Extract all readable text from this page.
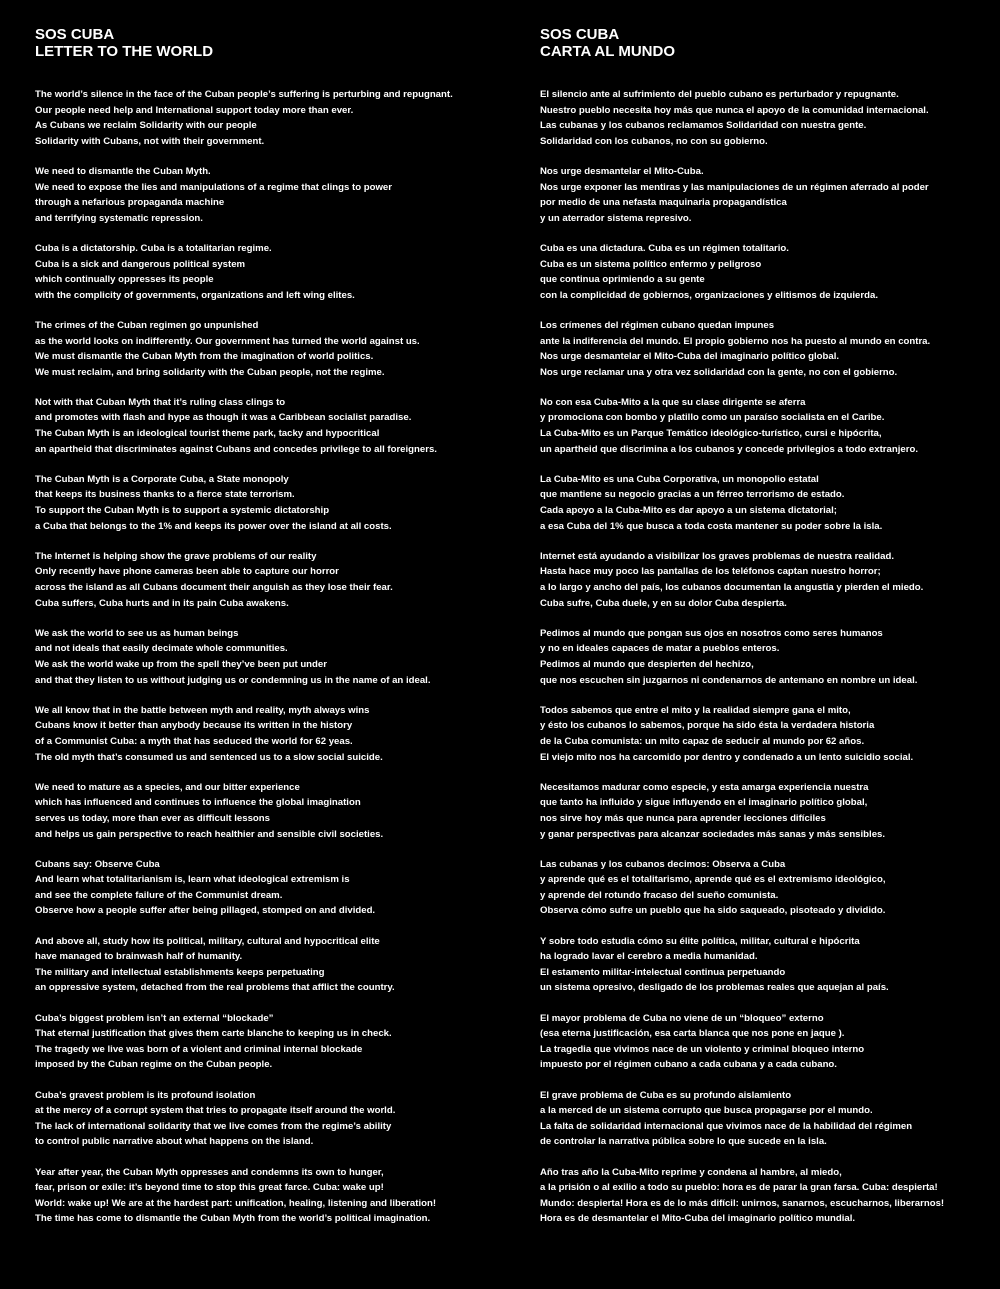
SOS CUBA
LETTER TO THE WORLD
The world’s silence in the face of the Cuban people’s suffering is perturbing and repugnant.
Our people need help and International support today more than ever.
As Cubans we reclaim Solidarity with our people
Solidarity with Cubans, not with their government.
We need to dismantle the Cuban Myth.
We need to expose the lies and manipulations of a regime that clings to power
through a nefarious propaganda machine
and terrifying systematic repression.
Cuba is a dictatorship. Cuba is a totalitarian regime.
Cuba is a sick and dangerous political system
which continually oppresses its people
with the complicity of governments, organizations and left wing elites.
The crimes of the Cuban regimen go unpunished
as the world looks on indifferently. Our government has turned the world against us.
We must dismantle the Cuban Myth from the imagination of world politics.
We must reclaim, and bring solidarity with the Cuban people, not the regime.
Not with that Cuban Myth that it’s ruling class clings to
and promotes with flash and hype as though it was a Caribbean socialist paradise.
The Cuban Myth is an ideological tourist theme park, tacky and hypocritical
an apartheid that discriminates against Cubans and concedes privilege to all foreigners.
The Cuban Myth is a Corporate Cuba, a State monopoly
that keeps its business thanks to a fierce state terrorism.
To support the Cuban Myth is to support a systemic dictatorship
a Cuba that belongs to the 1% and keeps its power over the island at all costs.
The Internet is helping show the grave problems of our reality
Only recently have phone cameras been able to capture our horror
across the island as all Cubans document their anguish as they lose their fear.
Cuba suffers, Cuba hurts and in its pain Cuba awakens.
We ask the world to see us as human beings
and not ideals that easily decimate whole communities.
We ask the world wake up from the spell they’ve been put under
and that they listen to us without judging us or condemning us in the name of an ideal.
We all know that in the battle between myth and reality, myth always wins
Cubans know it better than anybody because its written in the history
of a Communist Cuba: a myth that has seduced the world for 62 yeas.
The old myth that’s consumed us and sentenced us to a slow social suicide.
We need to mature as a species, and our bitter experience
which has influenced and continues to influence the global imagination
serves us today, more than ever as difficult lessons
and helps us gain perspective to reach healthier and sensible civil societies.
Cubans say: Observe Cuba
And learn what totalitarianism is, learn what ideological extremism is
and see the complete failure of the Communist dream.
Observe how a people suffer after being pillaged, stomped on and divided.
And above all, study how its political, military, cultural and hypocritical elite
have managed to brainwash half of humanity.
The military and intellectual establishments keeps perpetuating
an oppressive system, detached from the real problems that afflict the country.
Cuba’s biggest problem isn’t an external “blockade”
That eternal justification that gives them carte blanche to keeping us in check.
The tragedy we live was born of a violent and criminal internal blockade
imposed by the Cuban regime on the Cuban people.
Cuba’s gravest problem is its profound isolation
at the mercy of a corrupt system that tries to propagate itself around the world.
The lack of international solidarity that we live comes from the regime’s ability
to control public narrative about what happens on the island.
Year after year, the Cuban Myth oppresses and condemns its own to hunger,
fear, prison or exile: it’s beyond time to stop this great farce. Cuba: wake up!
World: wake up! We are at the hardest part: unification, healing, listening and liberation!
The time has come to dismantle the Cuban Myth from the world’s political imagination.
SOS CUBA
CARTA AL MUNDO
El silencio ante al sufrimiento del pueblo cubano es perturbador y repugnante.
Nuestro pueblo necesita hoy más que nunca el apoyo de la comunidad internacional.
Las cubanas y los cubanos reclamamos Solidaridad con nuestra gente.
Solidaridad con los cubanos, no con su gobierno.
Nos urge desmantelar el Mito-Cuba.
Nos urge exponer las mentiras y las manipulaciones de un régimen aferrado al poder
por medio de una nefasta maquinaria propagandística
y un aterrador sistema represivo.
Cuba es una dictadura. Cuba es un régimen totalitario.
Cuba es un sistema político enfermo y peligroso
que continua oprimiendo a su gente
con la complicidad de gobiernos, organizaciones y elitismos de izquierda.
Los crímenes del régimen cubano quedan impunes
ante la indiferencia del mundo. El propio gobierno nos ha puesto al mundo en contra.
Nos urge desmantelar el Mito-Cuba del imaginario político global.
Nos urge reclamar una y otra vez solidaridad con la gente, no con el gobierno.
No con esa Cuba-Mito a la que su clase dirigente se aferra
y promociona con bombo y platillo como un paraíso socialista en el Caribe.
La Cuba-Mito es un Parque Temático ideológico-turístico, cursi e hipócrita,
un apartheid que discrimina a los cubanos y concede privilegios a todo extranjero.
La Cuba-Mito es una Cuba Corporativa, un monopolio estatal
que mantiene su negocio gracias a un férreo terrorismo de estado.
Cada apoyo a la Cuba-Mito es dar apoyo a un sistema dictatorial;
a esa Cuba del 1% que busca a toda costa mantener su poder sobre la isla.
Internet está ayudando a visibilizar los graves problemas de nuestra realidad.
Hasta hace muy poco las pantallas de los teléfonos captan nuestro horror;
a lo largo y ancho del país, los cubanos documentan la angustia y pierden el miedo.
Cuba sufre, Cuba duele, y en su dolor Cuba despierta.
Pedimos al mundo que pongan sus ojos en nosotros como seres humanos
y no en ideales capaces de matar a pueblos enteros.
Pedimos al mundo que despierten del hechizo,
que nos escuchen sin juzgarnos ni condenarnos de antemano en nombre un ideal.
Todos sabemos que entre el mito y la realidad siempre gana el mito,
y ésto los cubanos lo sabemos, porque ha sido ésta la verdadera historia
de la Cuba comunista: un mito capaz de seducir al mundo por 62 años.
El viejo mito nos ha carcomido por dentro y condenado a un lento suicidio social.
Necesitamos madurar como especie, y esta amarga experiencia nuestra
que tanto ha influido y sigue influyendo en el imaginario político global,
nos sirve hoy más que nunca para aprender lecciones difíciles
y ganar perspectivas para alcanzar sociedades más sanas y más sensibles.
Las cubanas y los cubanos decimos: Observa a Cuba
y aprende qué es el totalitarismo, aprende qué es el extremismo ideológico,
y aprende del rotundo fracaso del sueño comunista.
Observa cómo sufre un pueblo que ha sido saqueado, pisoteado y dividido.
Y sobre todo estudia cómo su élite política, militar, cultural e hipócrita
ha logrado lavar el cerebro a media humanidad.
El estamento militar-intelectual continua perpetuando
un sistema opresivo, desligado de los problemas reales que aquejan al país.
El mayor problema de Cuba no viene de un “bloqueo” externo
(esa eterna justificación, esa carta blanca que nos pone en jaque ).
La tragedia que vivimos nace de un violento y criminal bloqueo interno
impuesto por el régimen cubano a cada cubana y a cada cubano.
El grave problema de Cuba es su profundo aislamiento
a la merced de un sistema corrupto que busca propagarse por el mundo.
La falta de solidaridad internacional que vivimos nace de la habilidad del régimen
de controlar la narrativa pública sobre lo que sucede en la isla.
Año tras año la Cuba-Mito reprime y condena al hambre, al miedo,
a la prisión o al exilio a todo su pueblo: hora es de parar la gran farsa. Cuba: despierta!
Mundo: despierta! Hora es de lo más difícil: unirnos, sanarnos, escucharnos, liberarnos!
Hora es de desmantelar el Mito-Cuba del imaginario político mundial.
